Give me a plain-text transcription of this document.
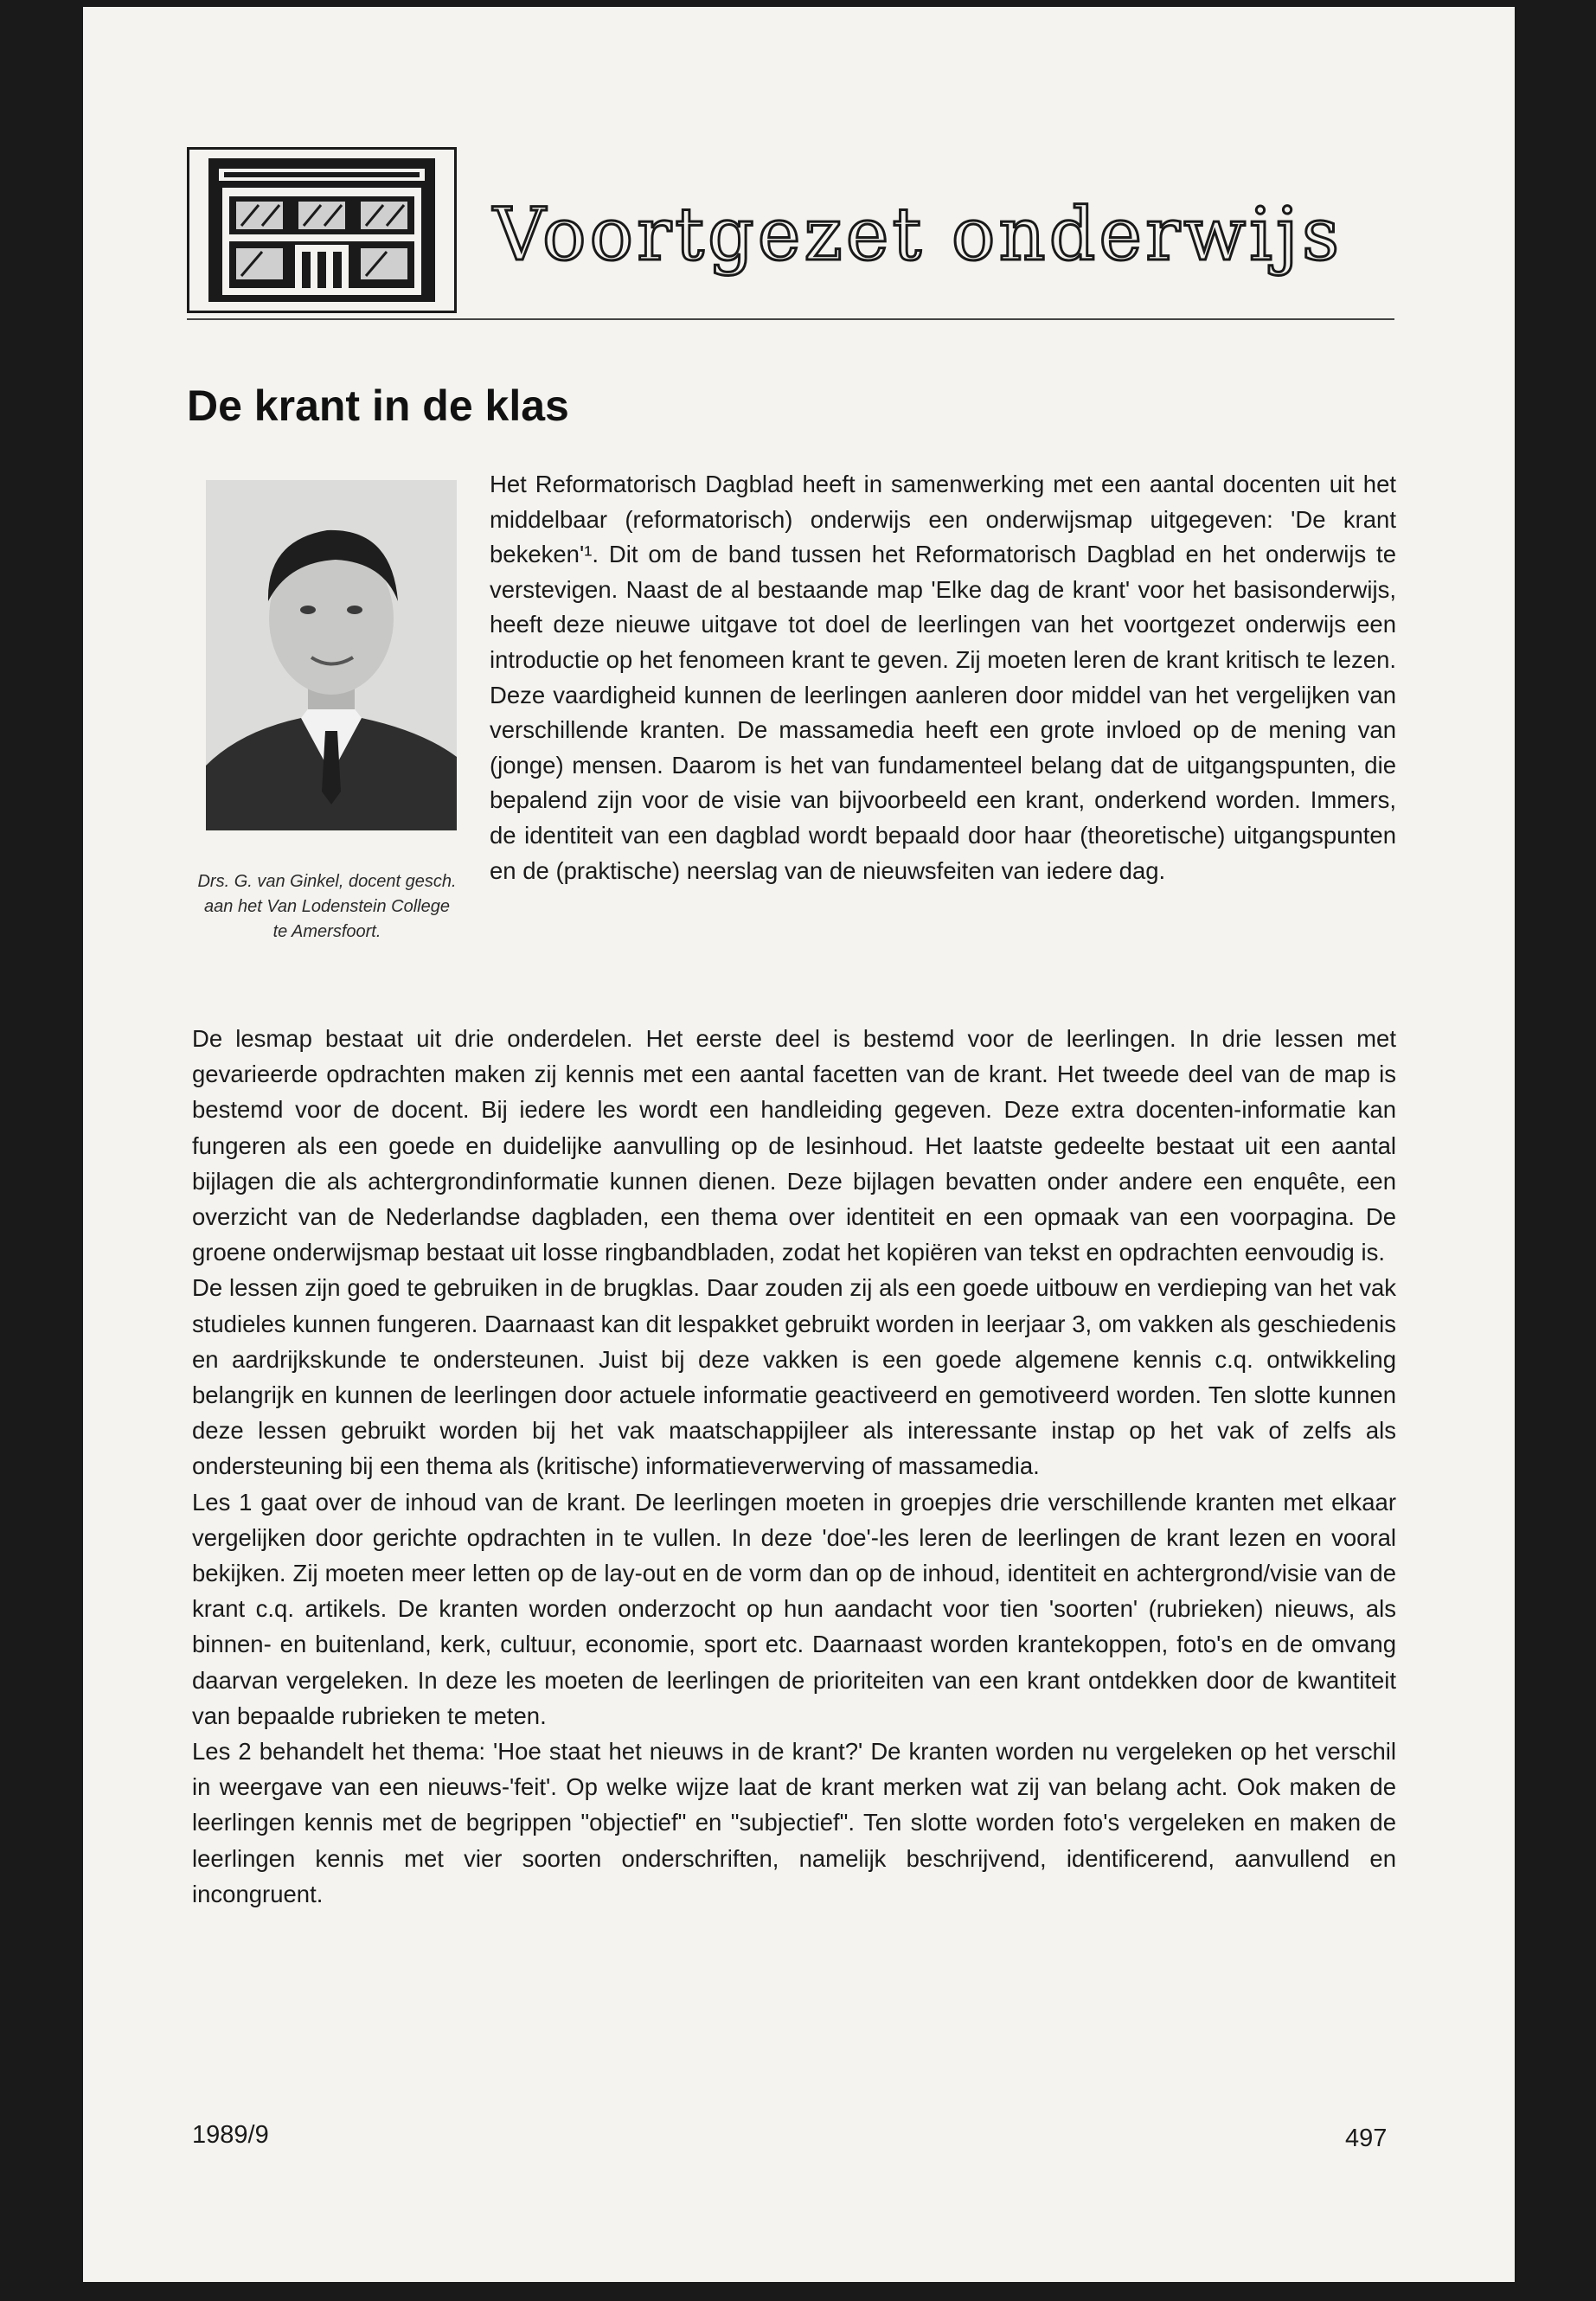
Voortgezet onderwijs
De krant in de klas
Drs. G. van Ginkel, docent gesch. aan het Van Lodenstein College te Amersfoort.

Het Reformatorisch Dagblad heeft in samenwerking met een aantal docenten uit het middelbaar (reformatorisch) onderwijs een onderwijsmap uitgegeven: 'De krant bekeken'¹. Dit om de band tussen het Reformatorisch Dagblad en het onderwijs te verstevigen. Naast de al bestaande map 'Elke dag de krant' voor het basisonderwijs, heeft deze nieuwe uitgave tot doel de leerlingen van het voortgezet onderwijs een introductie op het fenomeen krant te geven. Zij moeten leren de krant kritisch te lezen. Deze vaardigheid kunnen de leerlingen aanleren door middel van het vergelijken van verschillende kranten. De massamedia heeft een grote invloed op de mening van (jonge) mensen. Daarom is het van fundamenteel belang dat de uitgangspunten, die bepalend zijn voor de visie van bijvoorbeeld een krant, onderkend worden. Immers, de identiteit van een dagblad wordt bepaald door haar (theoretische) uitgangspunten en de (praktische) neerslag van de nieuwsfeiten van iedere dag.

De lesmap bestaat uit drie onderdelen. Het eerste deel is bestemd voor de leerlingen. In drie lessen met gevarieerde opdrachten maken zij kennis met een aantal facetten van de krant. Het tweede deel van de map is bestemd voor de docent. Bij iedere les wordt een handleiding gegeven. Deze extra docenten-informatie kan fungeren als een goede en duidelijke aanvulling op de lesinhoud. Het laatste gedeelte bestaat uit een aantal bijlagen die als achtergrondinformatie kunnen dienen. Deze bijlagen bevatten onder andere een enquête, een overzicht van de Nederlandse dagbladen, een thema over identiteit en een opmaak van een voorpagina. De groene onderwijsmap bestaat uit losse ringbandbladen, zodat het kopiëren van tekst en opdrachten eenvoudig is.

De lessen zijn goed te gebruiken in de brugklas. Daar zouden zij als een goede uitbouw en verdieping van het vak studieles kunnen fungeren. Daarnaast kan dit lespakket gebruikt worden in leerjaar 3, om vakken als geschiedenis en aardrijkskunde te ondersteunen. Juist bij deze vakken is een goede algemene kennis c.q. ontwikkeling belangrijk en kunnen de leerlingen door actuele informatie geactiveerd en gemotiveerd worden. Ten slotte kunnen deze lessen gebruikt worden bij het vak maatschappijleer als interessante instap op het vak of zelfs als ondersteuning bij een thema als (kritische) informatieverwerving of massamedia.

Les 1 gaat over de inhoud van de krant. De leerlingen moeten in groepjes drie verschillende kranten met elkaar vergelijken door gerichte opdrachten in te vullen. In deze 'doe'-les leren de leerlingen de krant lezen en vooral bekijken. Zij moeten meer letten op de lay-out en de vorm dan op de inhoud, identiteit en achtergrond/visie van de krant c.q. artikels. De kranten worden onderzocht op hun aandacht voor tien 'soorten' (rubrieken) nieuws, als binnen- en buitenland, kerk, cultuur, economie, sport etc. Daarnaast worden krantekoppen, foto's en de omvang daarvan vergeleken. In deze les moeten de leerlingen de prioriteiten van een krant ontdekken door de kwantiteit van bepaalde rubrieken te meten.

Les 2 behandelt het thema: 'Hoe staat het nieuws in de krant?' De kranten worden nu vergeleken op het verschil in weergave van een nieuws-'feit'. Op welke wijze laat de krant merken wat zij van belang acht. Ook maken de leerlingen kennis met de begrippen "objectief" en "subjectief". Ten slotte worden foto's vergeleken en maken de leerlingen kennis met vier soorten onderschriften, namelijk beschrijvend, identificerend, aanvullend en incongruent.

1989/9	497
